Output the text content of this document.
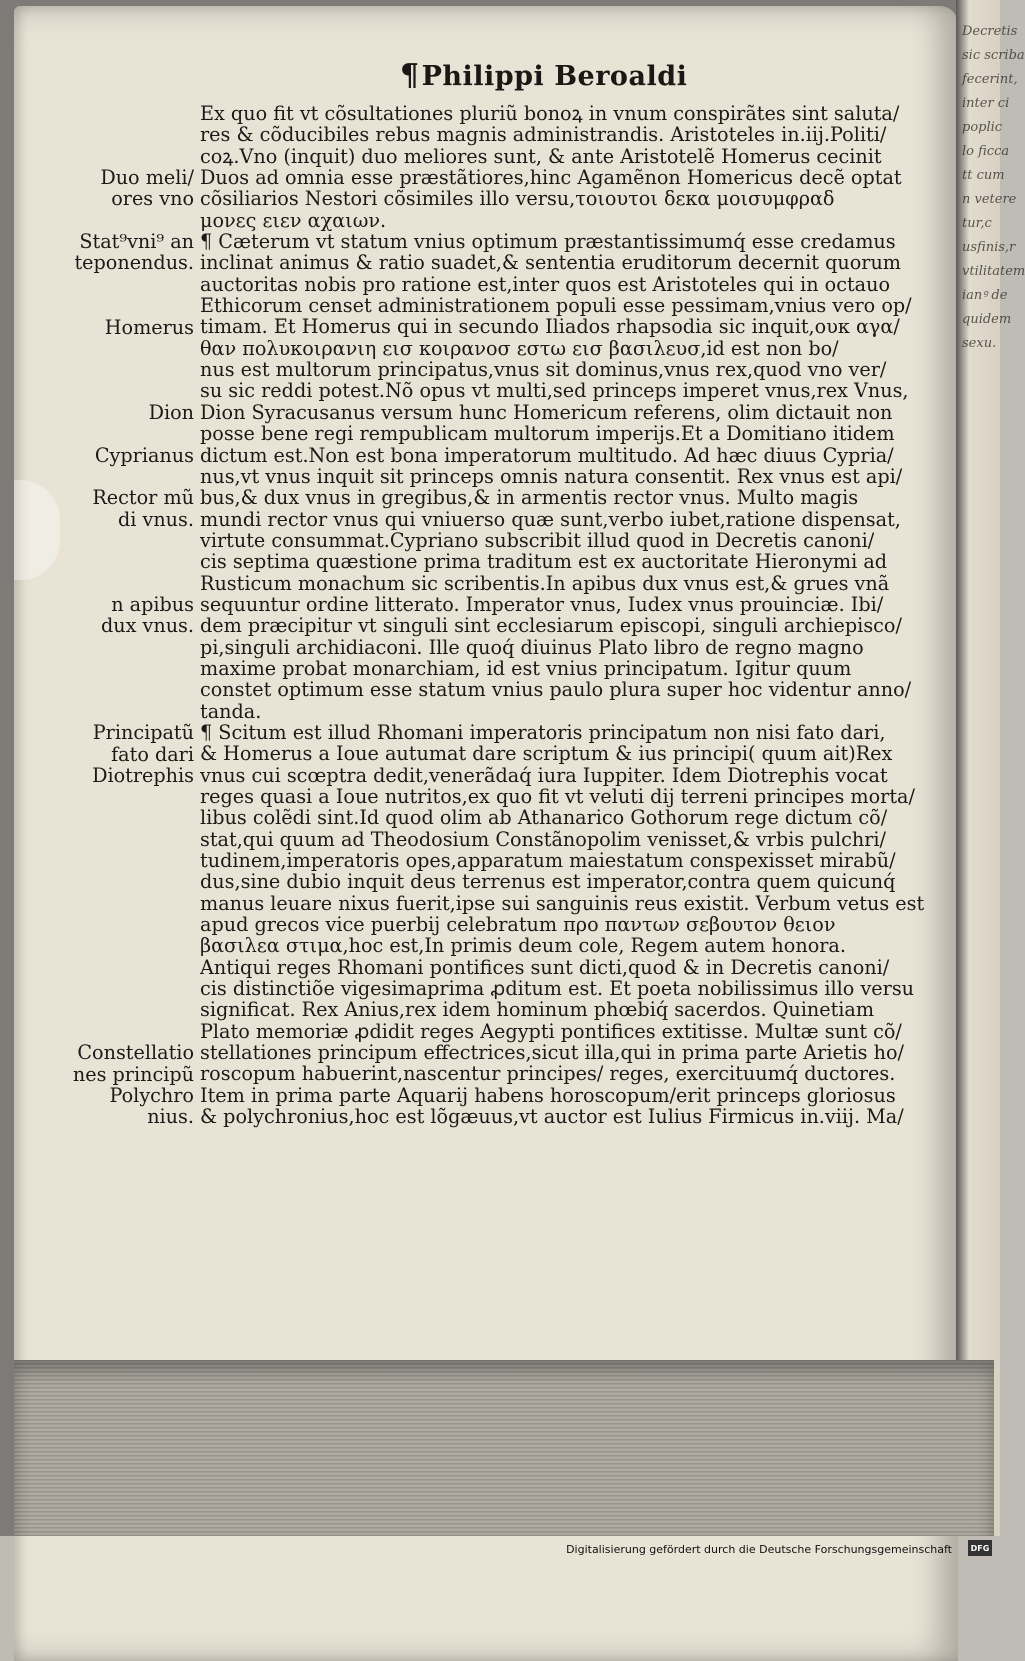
Decretis
sic scriba
fecerint,
inter ci
poplic
lo ficca
tt cum
n vetere
tur,c
usfinis,r
vtilitatem
ianꝰ de
quidem
sexu.
¶Philippi Beroaldi
Duo meli/
ores vno
Stat⁹vni⁹ an
teponendus.
Homerus
Dion
Cyprianus
Rector mũ
di vnus.
n apibus
dux vnus.
Principatũ
fato dari
Diotrephis
Constellatio
nes principũ
Polychro
nius.
Ex quo fit vt cõsultationes pluriũ bonoꝝ in vnum conspirãtes sint saluta/
res & cõducibiles rebus magnis administrandis. Aristoteles in.iij.Politi/
coꝝ.Vno (inquit) duo meliores sunt, & ante Aristotelẽ Homerus cecinit
Duos ad omnia esse præstãtiores,hinc Agamẽnon Homericus decẽ optat
cõsiliarios Nestori cõsimiles illo versu,τοιουτοι δεκα μοισυμφραδ
μονες ειεν αχαιων.
¶ Cæterum vt statum vnius optimum præstantissimumq́ esse credamus
inclinat animus & ratio suadet,& sententia eruditorum decernit quorum
auctoritas nobis pro ratione est,inter quos est Aristoteles qui in octauo
Ethicorum censet administrationem populi esse pessimam,vnius vero op/
timam. Et Homerus qui in secundo Iliados rhapsodia sic inquit,ουκ αγα/
θαν πολυκοιρανιη εισ κοιρανοσ εστω εισ βασιλευσ,id est non bo/
nus est multorum principatus,vnus sit dominus,vnus rex,quod vno ver/
su sic reddi potest.Nõ opus vt multi,sed princeps imperet vnus,rex Vnus,
Dion Syracusanus versum hunc Homericum referens, olim dictauit non
posse bene regi rempublicam multorum imperijs.Et a Domitiano itidem
dictum est.Non est bona imperatorum multitudo. Ad hæc diuus Cypria/
nus,vt vnus inquit sit princeps omnis natura consentit. Rex vnus est api/
bus,& dux vnus in gregibus,& in armentis rector vnus. Multo magis
mundi rector vnus qui vniuerso quæ sunt,verbo iubet,ratione dispensat,
virtute consummat.Cypriano subscribit illud quod in Decretis canoni/
cis septima quæstione prima traditum est ex auctoritate Hieronymi ad
Rusticum monachum sic scribentis.In apibus dux vnus est,& grues vnã
sequuntur ordine litterato. Imperator vnus, Iudex vnus prouinciæ. Ibi/
dem præcipitur vt singuli sint ecclesiarum episcopi, singuli archiepisco/
pi,singuli archidiaconi. Ille quoq́ diuinus Plato libro de regno magno
maxime probat monarchiam, id est vnius principatum. Igitur quum
constet optimum esse statum vnius paulo plura super hoc videntur anno/
tanda.
¶ Scitum est illud Rhomani imperatoris principatum non nisi fato dari,
& Homerus a Ioue autumat dare scriptum & ius principi( quum ait)Rex
vnus cui scœptra dedit,venerãdaq́ iura Iuppiter. Idem Diotrephis vocat
reges quasi a Ioue nutritos,ex quo fit vt veluti dij terreni principes morta/
libus colẽdi sint.Id quod olim ab Athanarico Gothorum rege dictum cõ/
stat,qui quum ad Theodosium Constãnopolim venisset,& vrbis pulchri/
tudinem,imperatoris opes,apparatum maiestatum conspexisset mirabũ/
dus,sine dubio inquit deus terrenus est imperator,contra quem quicunq́
manus leuare nixus fuerit,ipse sui sanguinis reus existit. Verbum vetus est
apud grecos vice puerbij celebratum προ παντων σεβουτον θειον
βασιλεα στιμα,hoc est,In primis deum cole, Regem autem honora.
Antiqui reges Rhomani pontifices sunt dicti,quod & in Decretis canoni/
cis distinctiõe vigesimaprima ꝓditum est. Et poeta nobilissimus illo versu
significat. Rex Anius,rex idem hominum phœbiq́ sacerdos. Quinetiam
Plato memoriæ ꝓdidit reges Aegypti pontifices extitisse. Multæ sunt cõ/
stellationes principum effectrices,sicut illa,qui in prima parte Arietis ho/
roscopum habuerint,nascentur principes/ reges, exercituumq́ ductores.
Item in prima parte Aquarij habens horoscopum/erit princeps gloriosus
& polychronius,hoc est lõgæuus,vt auctor est Iulius Firmicus in.viij. Ma/
Digitalisierung gefördert durch die Deutsche Forschungsgemeinschaft	DFG
